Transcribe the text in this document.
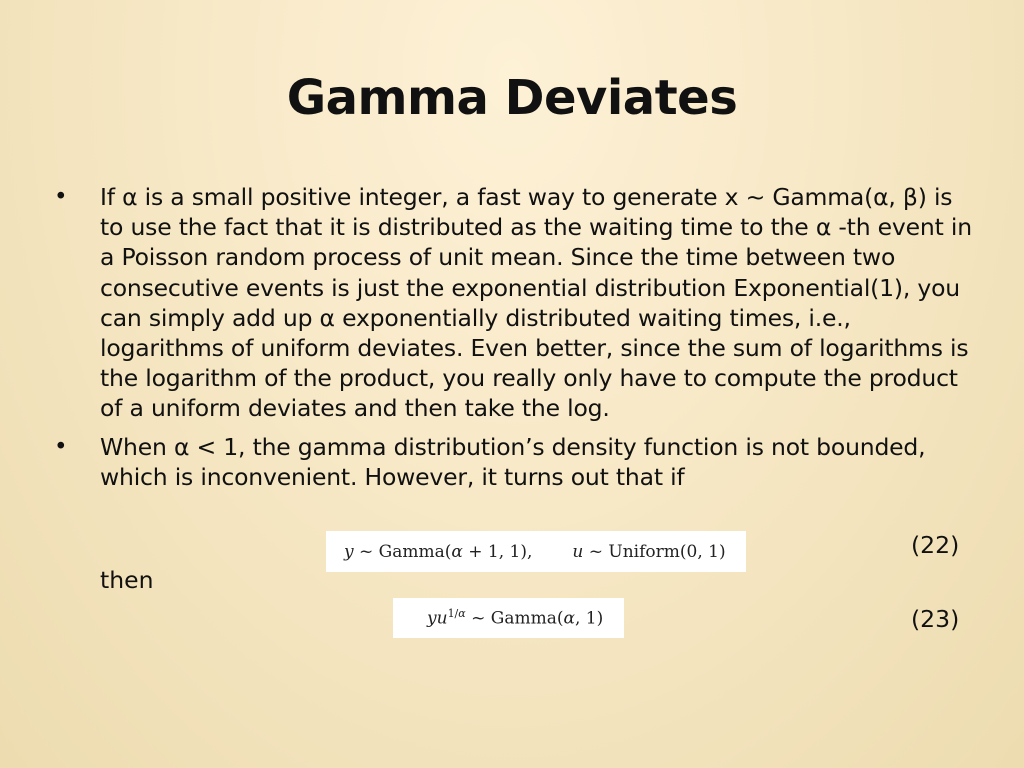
Gamma Deviates
•	If α is a small positive integer, a fast way to generate x ~ Gamma(α, β) is to use the fact that it is distributed as the waiting time to the α -th event in a Poisson random process of unit mean. Since the time between two consecutive events is just the exponential distribution Exponential(1), you can simply add up α exponentially distributed waiting times, i.e., logarithms of uniform deviates. Even better, since the sum of logarithms is the logarithm of the product, you really only have to compute the product of a uniform deviates and then take the log.
•	When α < 1, the gamma distribution’s density function is not bounded, which is inconvenient. However, it turns out that if
y ~ Gamma(α + 1, 1), u ~ Uniform(0, 1)	(22)
then
$yu^{1/\alpha}$ ~ Gamma(α, 1)	(23)
